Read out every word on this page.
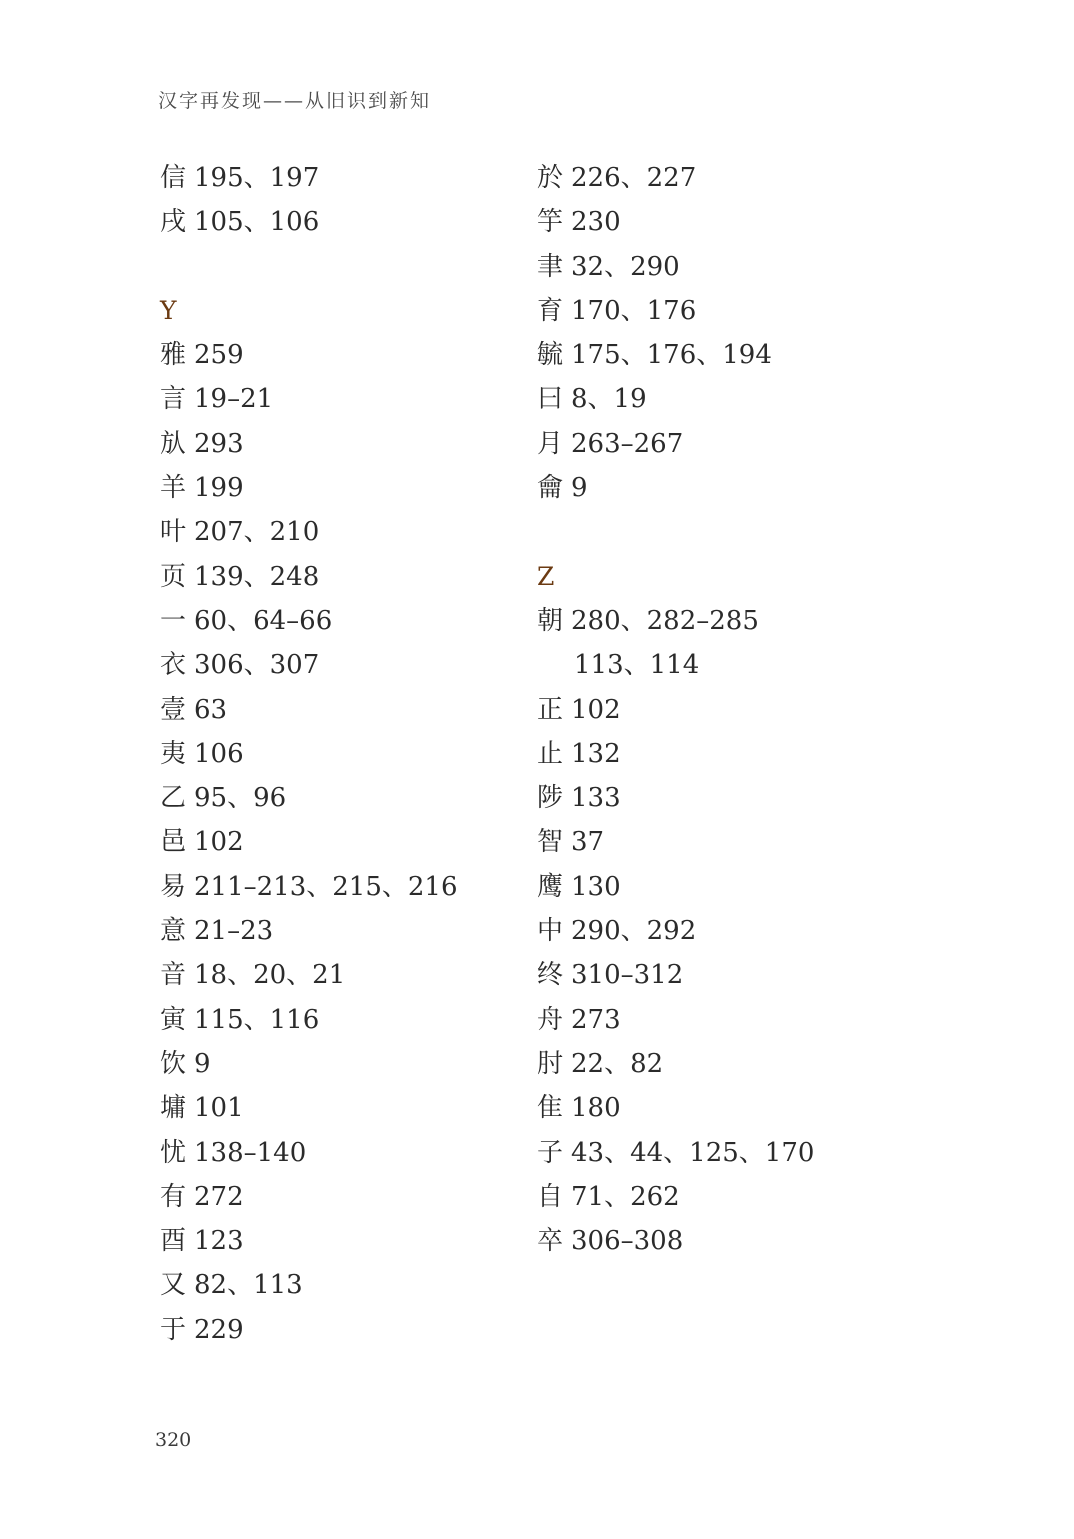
汉字再发现——从旧识到新知
信 195、197
戌 105、106
Y
雅 259
言 19–21
㫃 293
羊 199
叶 207、210
页 139、248
一 60、64–66
衣 306、307
壹 63
夷 106
乙 95、96
邑 102
易 211–213、215、216
意 21–23
音 18、20、21
寅 115、116
饮 9
墉 101
忧 138–140
有 272
酉 123
又 82、113
于 229
於 226、227
竽 230
聿 32、290
育 170、176
毓 175、176、194
曰 8、19
月 263–267
龠 9
Z
朝 280、282–285
113、114
正 102
止 132
陟 133
智 37
鹰 130
中 290、292
终 310–312
舟 273
肘 22、82
隹 180
子 43、44、125、170
自 71、262
卒 306–308
320
